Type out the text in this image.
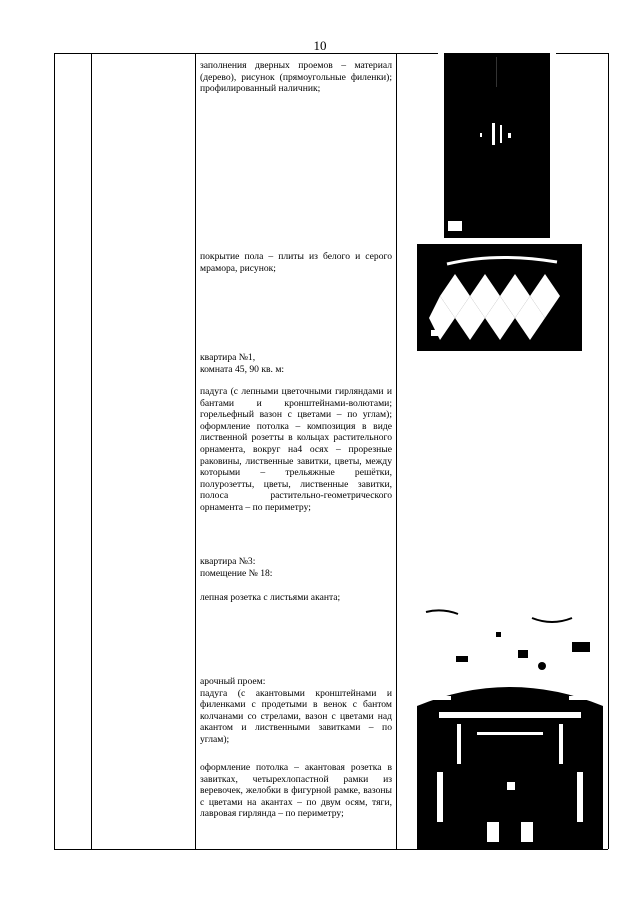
10
заполнения дверных проемов – материал (дерево), рисунок (прямоугольные филенки); профилированный наличник;
покрытие пола – плиты из белого и серого мрамора, рисунок;
квартира №1,
комната 45, 90 кв. м:
падуга (с лепными цветочными гирляндами и бантами и кронштейнами-волютами; горельефный вазон с цветами – по углам); оформление потолка – композиция в виде лиственной розетты в кольцах растительного орнамента, вокруг на4 осях – прорезные раковины, лиственные завитки, цветы, между которыми – трельяжные решётки, полурозетты, цветы, лиственные завитки, полоса растительно-геометрического орнамента – по периметру;
квартира №3:
помещение № 18:
лепная розетка с листьями аканта;
арочный проем:
падуга (с акантовыми кронштейнами и филенками с продетыми в венок с бантом колчанами со стрелами, вазон с цветами над акантом и лиственными завитками – по углам);
оформление потолка – акантовая розетка в завитках, четырехлопастной рамки из веревочек, желобки в фигурной рамке, вазоны с цветами на акантах – по двум осям, тяги, лавровая гирлянда – по периметру;
